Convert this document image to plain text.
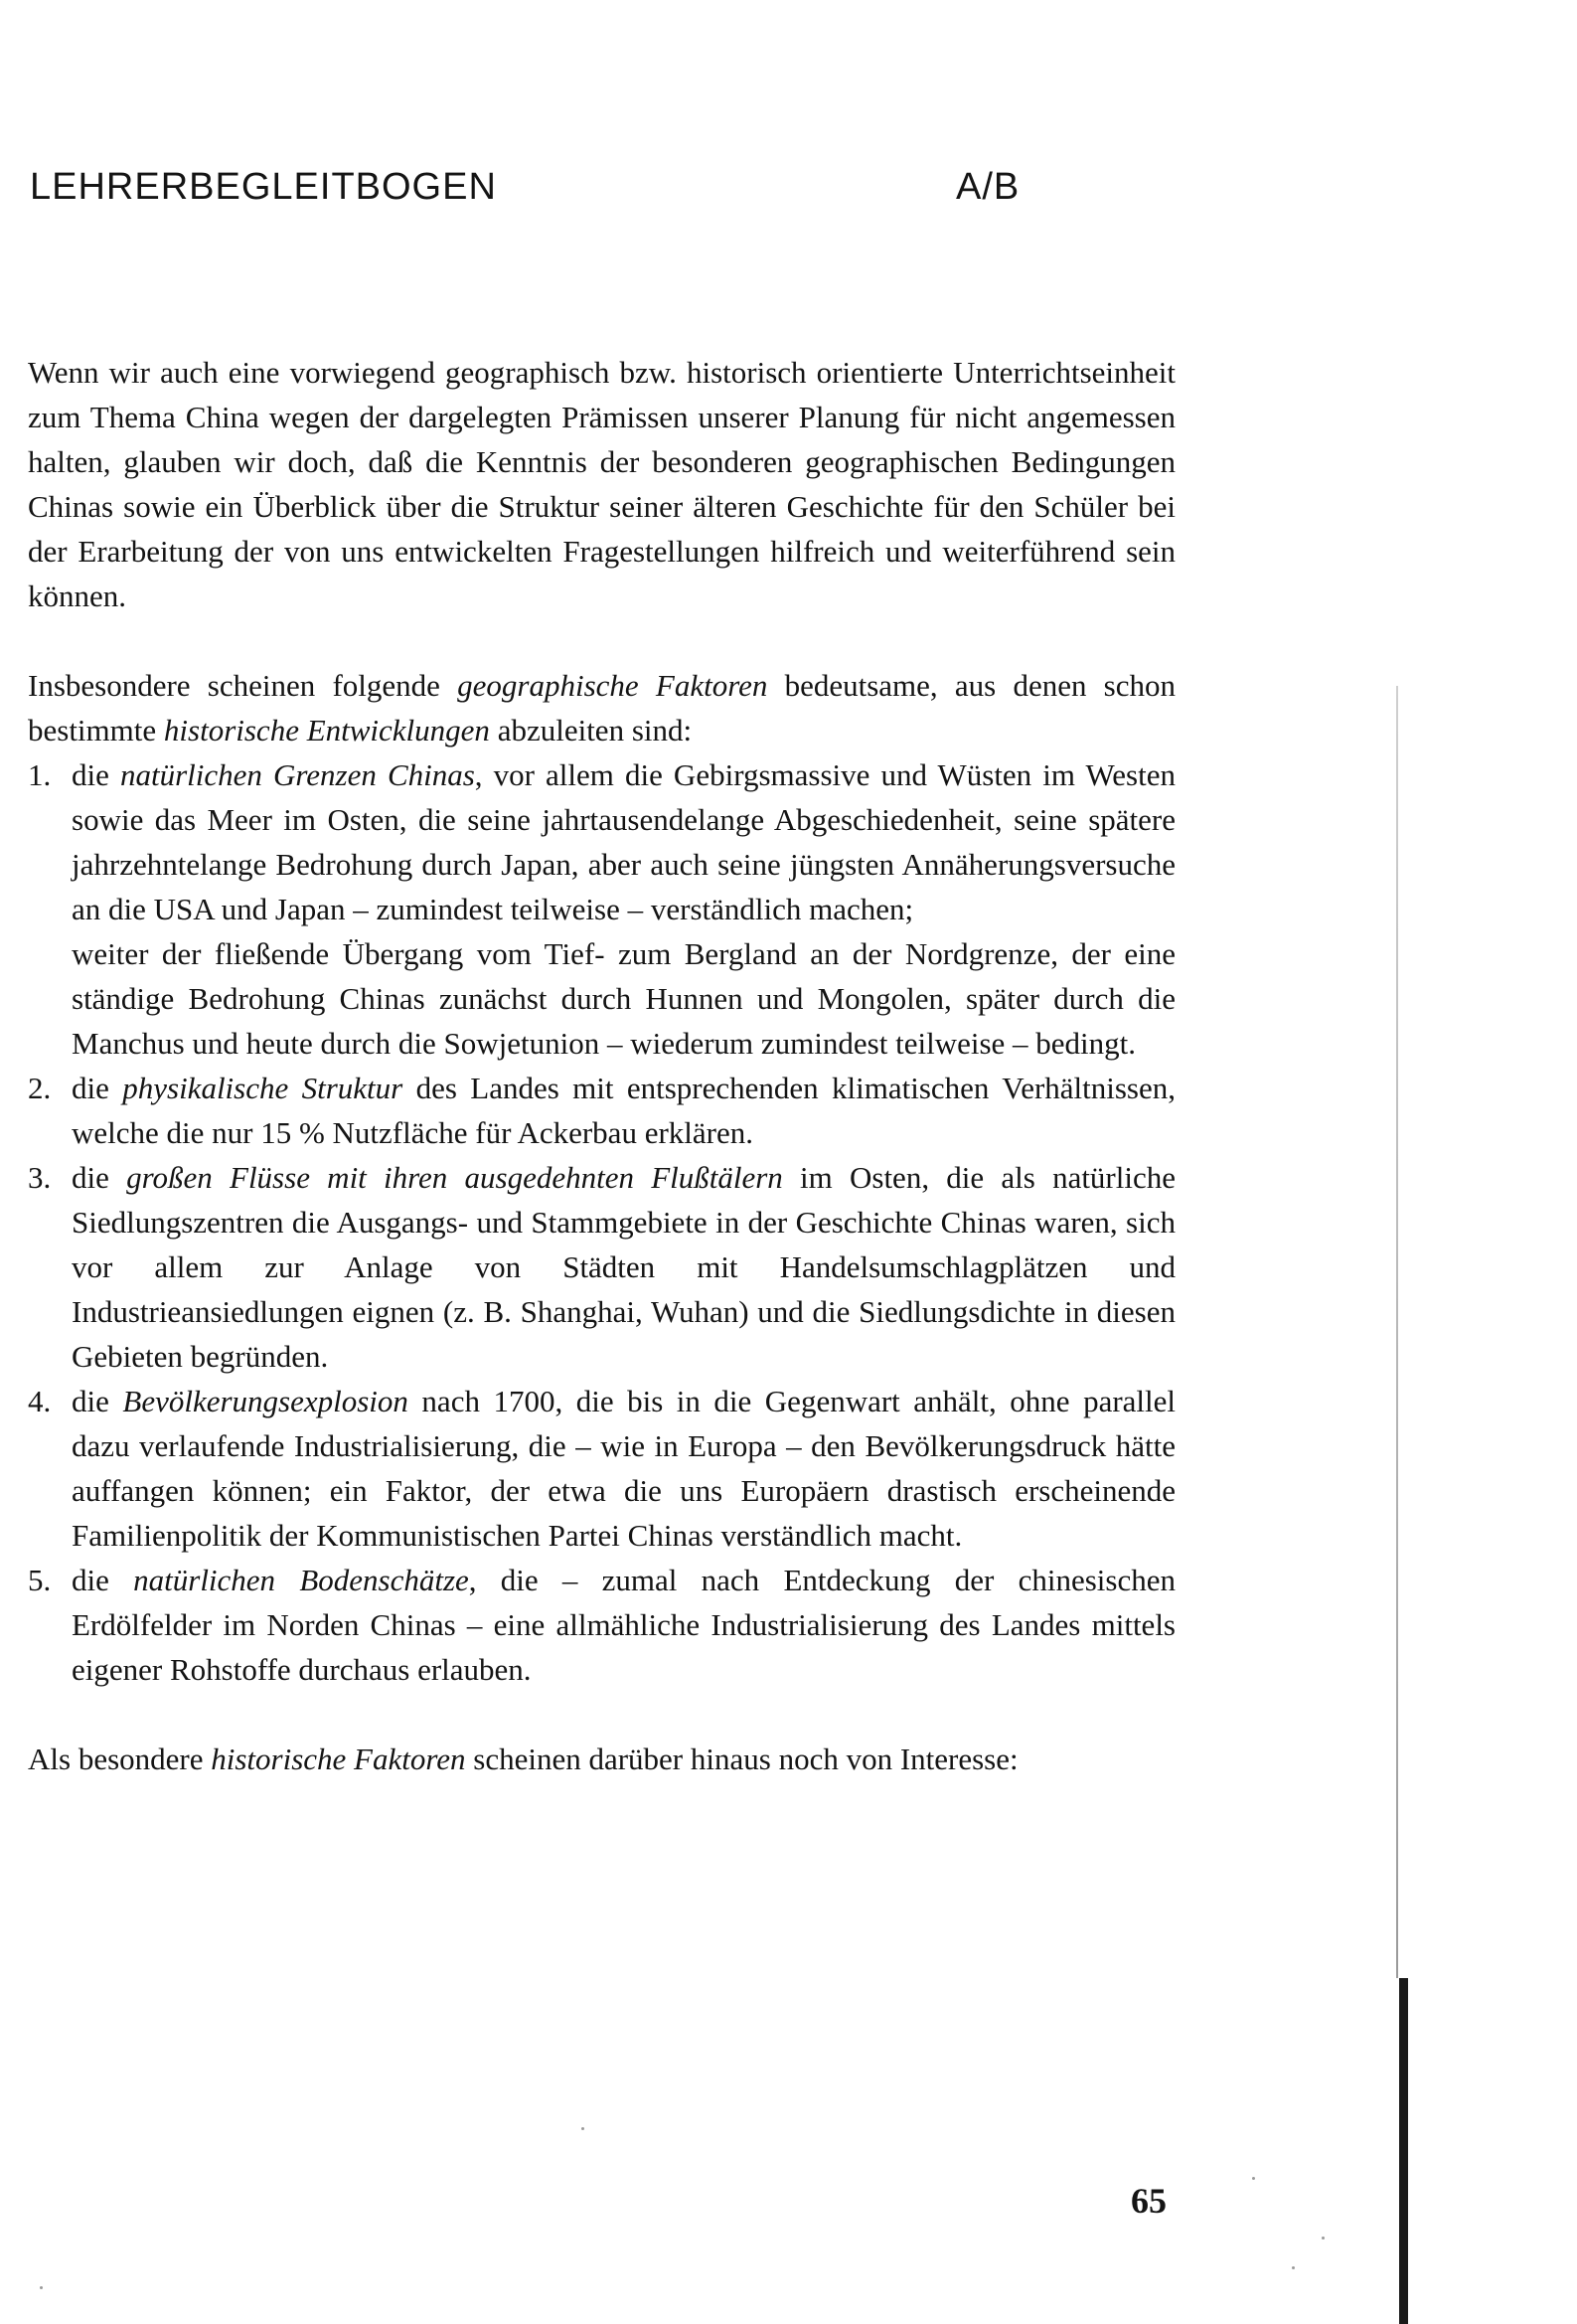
LEHRERBEGLEITBOGEN	A/B

Wenn wir auch eine vorwiegend geographisch bzw. historisch orientierte Unterrichtseinheit zum Thema China wegen der dargelegten Prämissen unserer Planung für nicht angemessen halten, glauben wir doch, daß die Kenntnis der besonderen geographischen Bedingungen Chinas sowie ein Überblick über die Struktur seiner älteren Geschichte für den Schüler bei der Erarbeitung der von uns entwickelten Fragestellungen hilfreich und weiterführend sein können.

Insbesondere scheinen folgende geographische Faktoren bedeutsame, aus denen schon bestimmte historische Entwicklungen abzuleiten sind:

1. die natürlichen Grenzen Chinas, vor allem die Gebirgsmassive und Wüsten im Westen sowie das Meer im Osten, die seine jahrtausendelange Abgeschiedenheit, seine spätere jahrzehntelange Bedrohung durch Japan, aber auch seine jüngsten Annäherungsversuche an die USA und Japan – zumindest teilweise – verständlich machen;
weiter der fließende Übergang vom Tief- zum Bergland an der Nordgrenze, der eine ständige Bedrohung Chinas zunächst durch Hunnen und Mongolen, später durch die Manchus und heute durch die Sowjetunion – wiederum zumindest teilweise – bedingt.
2. die physikalische Struktur des Landes mit entsprechenden klimatischen Verhältnissen, welche die nur 15 % Nutzfläche für Ackerbau erklären.
3. die großen Flüsse mit ihren ausgedehnten Flußtälern im Osten, die als natürliche Siedlungszentren die Ausgangs- und Stammgebiete in der Geschichte Chinas waren, sich vor allem zur Anlage von Städten mit Handelsumschlagplätzen und Industrieansiedlungen eignen (z. B. Shanghai, Wuhan) und die Siedlungsdichte in diesen Gebieten begründen.
4. die Bevölkerungsexplosion nach 1700, die bis in die Gegenwart anhält, ohne parallel dazu verlaufende Industrialisierung, die – wie in Europa – den Bevölkerungsdruck hätte auffangen können; ein Faktor, der etwa die uns Europäern drastisch erscheinende Familienpolitik der Kommunistischen Partei Chinas verständlich macht.
5. die natürlichen Bodenschätze, die – zumal nach Entdeckung der chinesischen Erdölfelder im Norden Chinas – eine allmähliche Industrialisierung des Landes mittels eigener Rohstoffe durchaus erlauben.

Als besondere historische Faktoren scheinen darüber hinaus noch von Interesse:

65
